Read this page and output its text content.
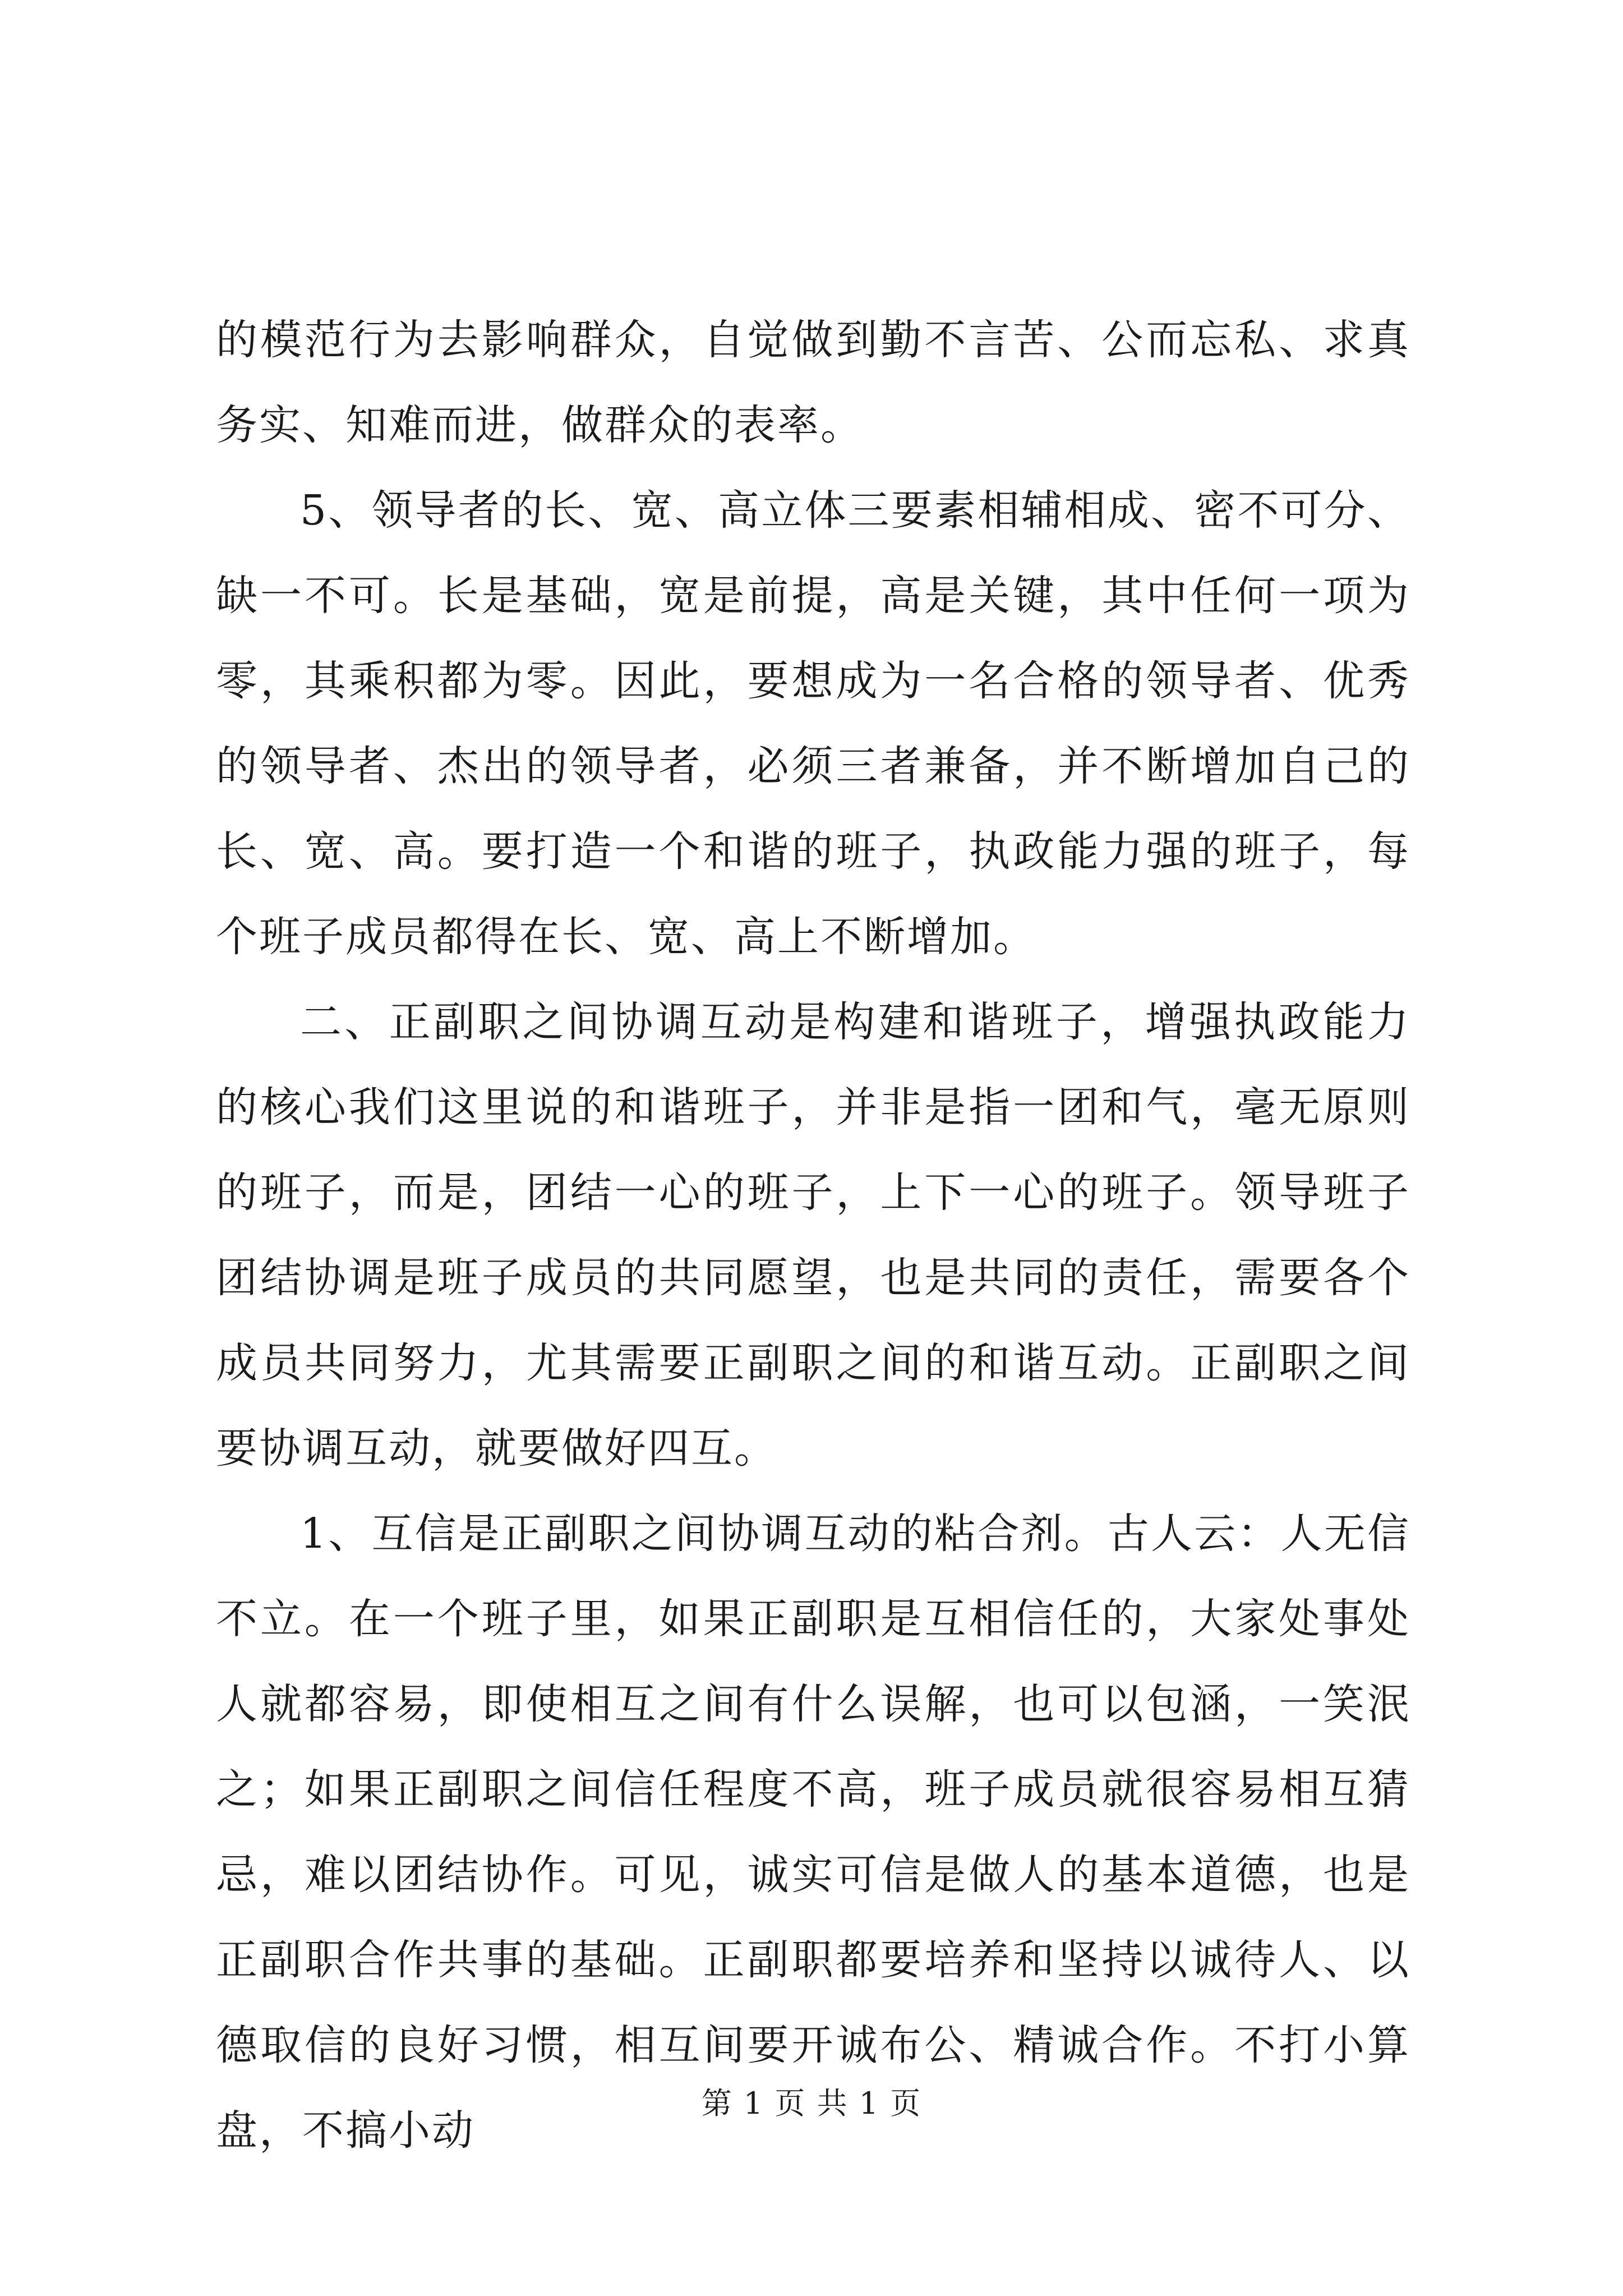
的模范行为去影响群众，自觉做到勤不言苦、公而忘私、求真务实、知难而进，做群众的表率。

5、领导者的长、宽、高立体三要素相辅相成、密不可分、缺一不可。长是基础，宽是前提，高是关键，其中任何一项为零，其乘积都为零。因此，要想成为一名合格的领导者、优秀的领导者、杰出的领导者，必须三者兼备，并不断增加自己的长、宽、高。要打造一个和谐的班子，执政能力强的班子，每个班子成员都得在长、宽、高上不断增加。

二、正副职之间协调互动是构建和谐班子，增强执政能力的核心我们这里说的和谐班子，并非是指一团和气，毫无原则的班子，而是，团结一心的班子，上下一心的班子。领导班子团结协调是班子成员的共同愿望，也是共同的责任，需要各个成员共同努力，尤其需要正副职之间的和谐互动。正副职之间要协调互动，就要做好四互。

1、互信是正副职之间协调互动的粘合剂。古人云：人无信不立。在一个班子里，如果正副职是互相信任的，大家处事处人就都容易，即使相互之间有什么误解，也可以包涵，一笑泯之；如果正副职之间信任程度不高，班子成员就很容易相互猜忌，难以团结协作。可见，诚实可信是做人的基本道德，也是正副职合作共事的基础。正副职都要培养和坚持以诚待人、以德取信的良好习惯，相互间要开诚布公、精诚合作。不打小算盘，不搞小动

第 1 页 共 1 页
